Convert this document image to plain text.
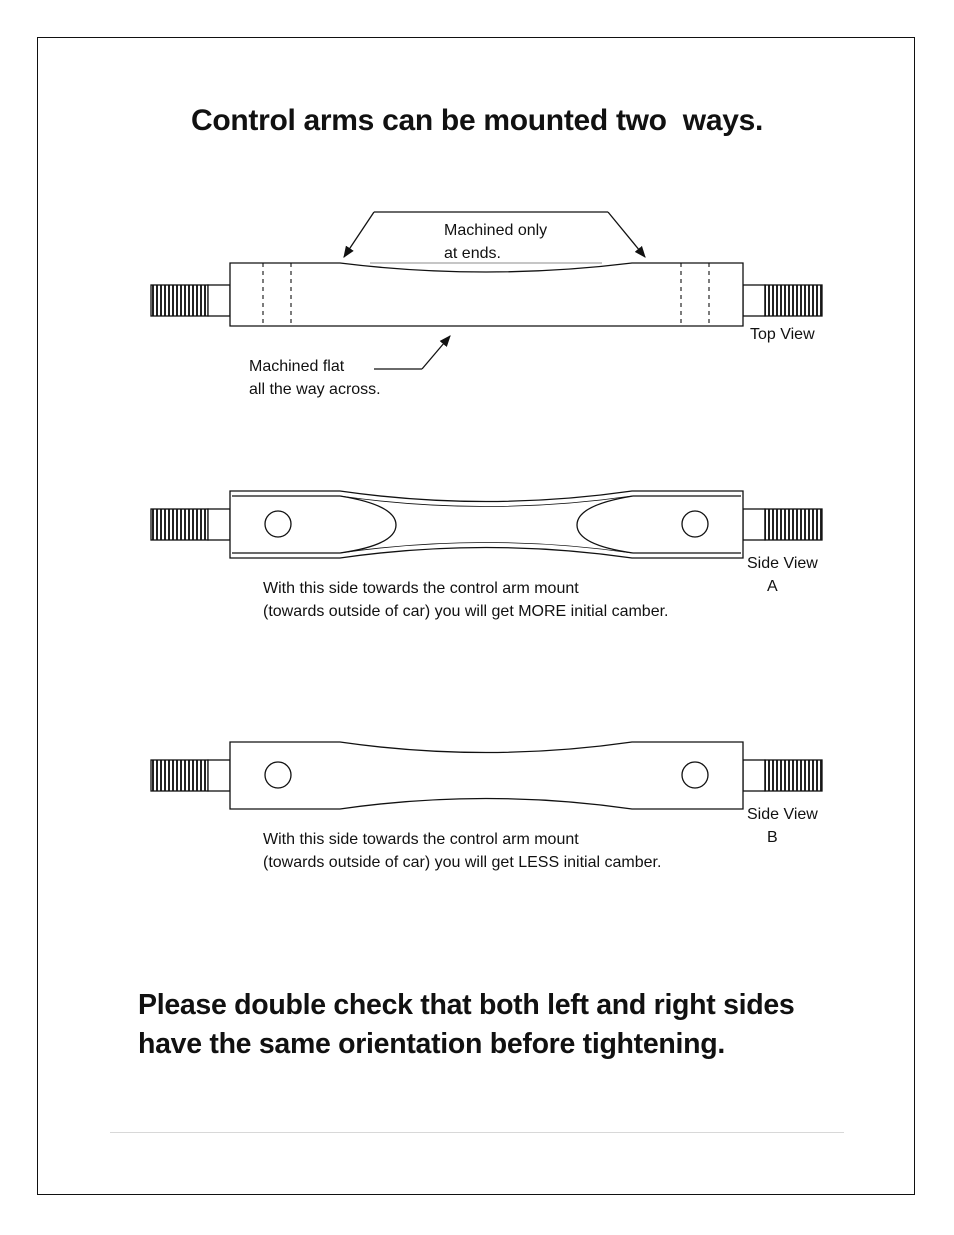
Control arms can be mounted two  ways.
Machined only
at ends.
Machined flat
all the way across.
Top View
Side View
A
With this side towards the control arm mount
(towards outside of car) you will get MORE initial camber.
Side View
B
With this side towards the control arm mount
(towards outside of car) you will get LESS initial camber.
Please double check that both left and right sides
have the same orientation before tightening.
